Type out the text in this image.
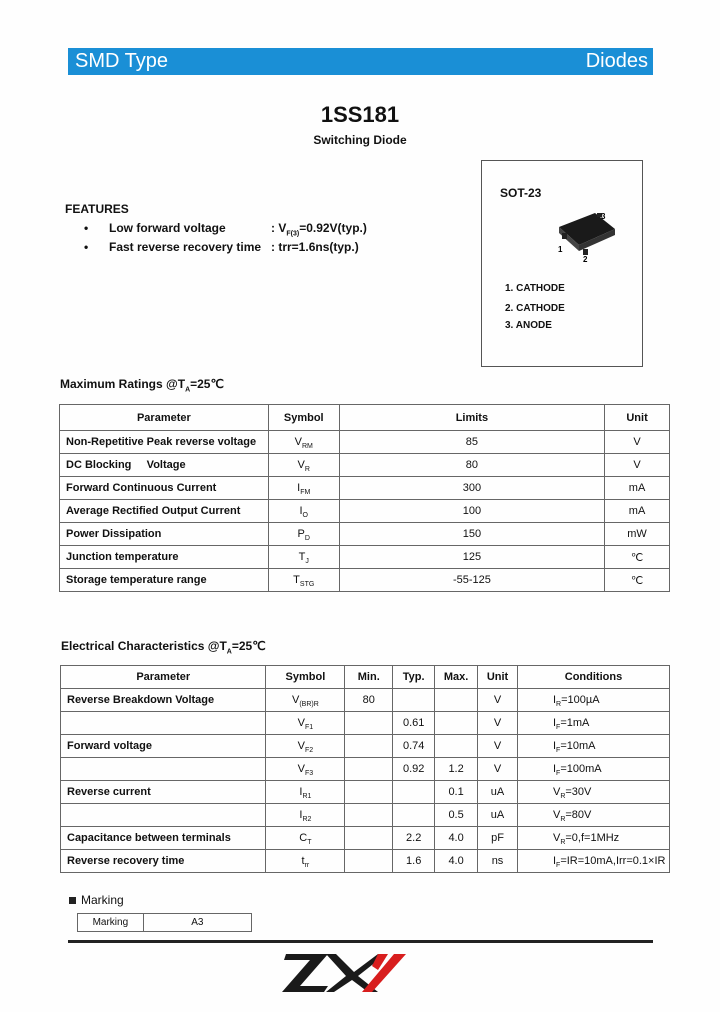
SMD Type	Diodes
1SS181
Switching Diode
FEATURES
• Low forward voltage	: $V_{F(3)}=0.92V(typ.)$
• Fast reverse recovery time : trr=1.6ns(typ.)
SOT-23
1
2
3
1. CATHODE
2. CATHODE
3. ANODE
Maximum Ratings $@T_A=25℃$
Parameter	Symbol	Limits	Unit
Non-Repetitive Peak reverse voltage	$V_{RM}$	85	V
DC Blocking     Voltage	$V_R$	80	V
Forward Continuous Current	$I_{FM}$	300	mA
Average Rectified Output Current	$I_O$	100	mA
Power Dissipation	$P_D$	150	mW
Junction temperature	$T_J$	125	℃
Storage temperature range	$T_{STG}$	-55-125	℃
Electrical Characteristics $@T_A=25℃$
Parameter	Symbol	Min.	Typ.	Max.	Unit	Conditions
Reverse Breakdown Voltage	$V_{(BR)R}$	80			V	$I_R=100\mu A$
	$V_{F1}$		0.61		V	$I_F=1mA$
Forward voltage	$V_{F2}$		0.74		V	$I_F=10mA$
	$V_{F3}$		0.92	1.2	V	$I_F=100mA$
Reverse current	$I_{R1}$			0.1	uA	$V_R=30V$
	$I_{R2}$			0.5	uA	$V_R=80V$
Capacitance between terminals	$C_T$		2.2	4.0	pF	$V_R=0,f=1MHz$
Reverse recovery time	$t_{rr}$		1.6	4.0	ns	$I_F=IR=10mA,Irr=0.1\times IR$
Marking
Marking	A3
ZXY
